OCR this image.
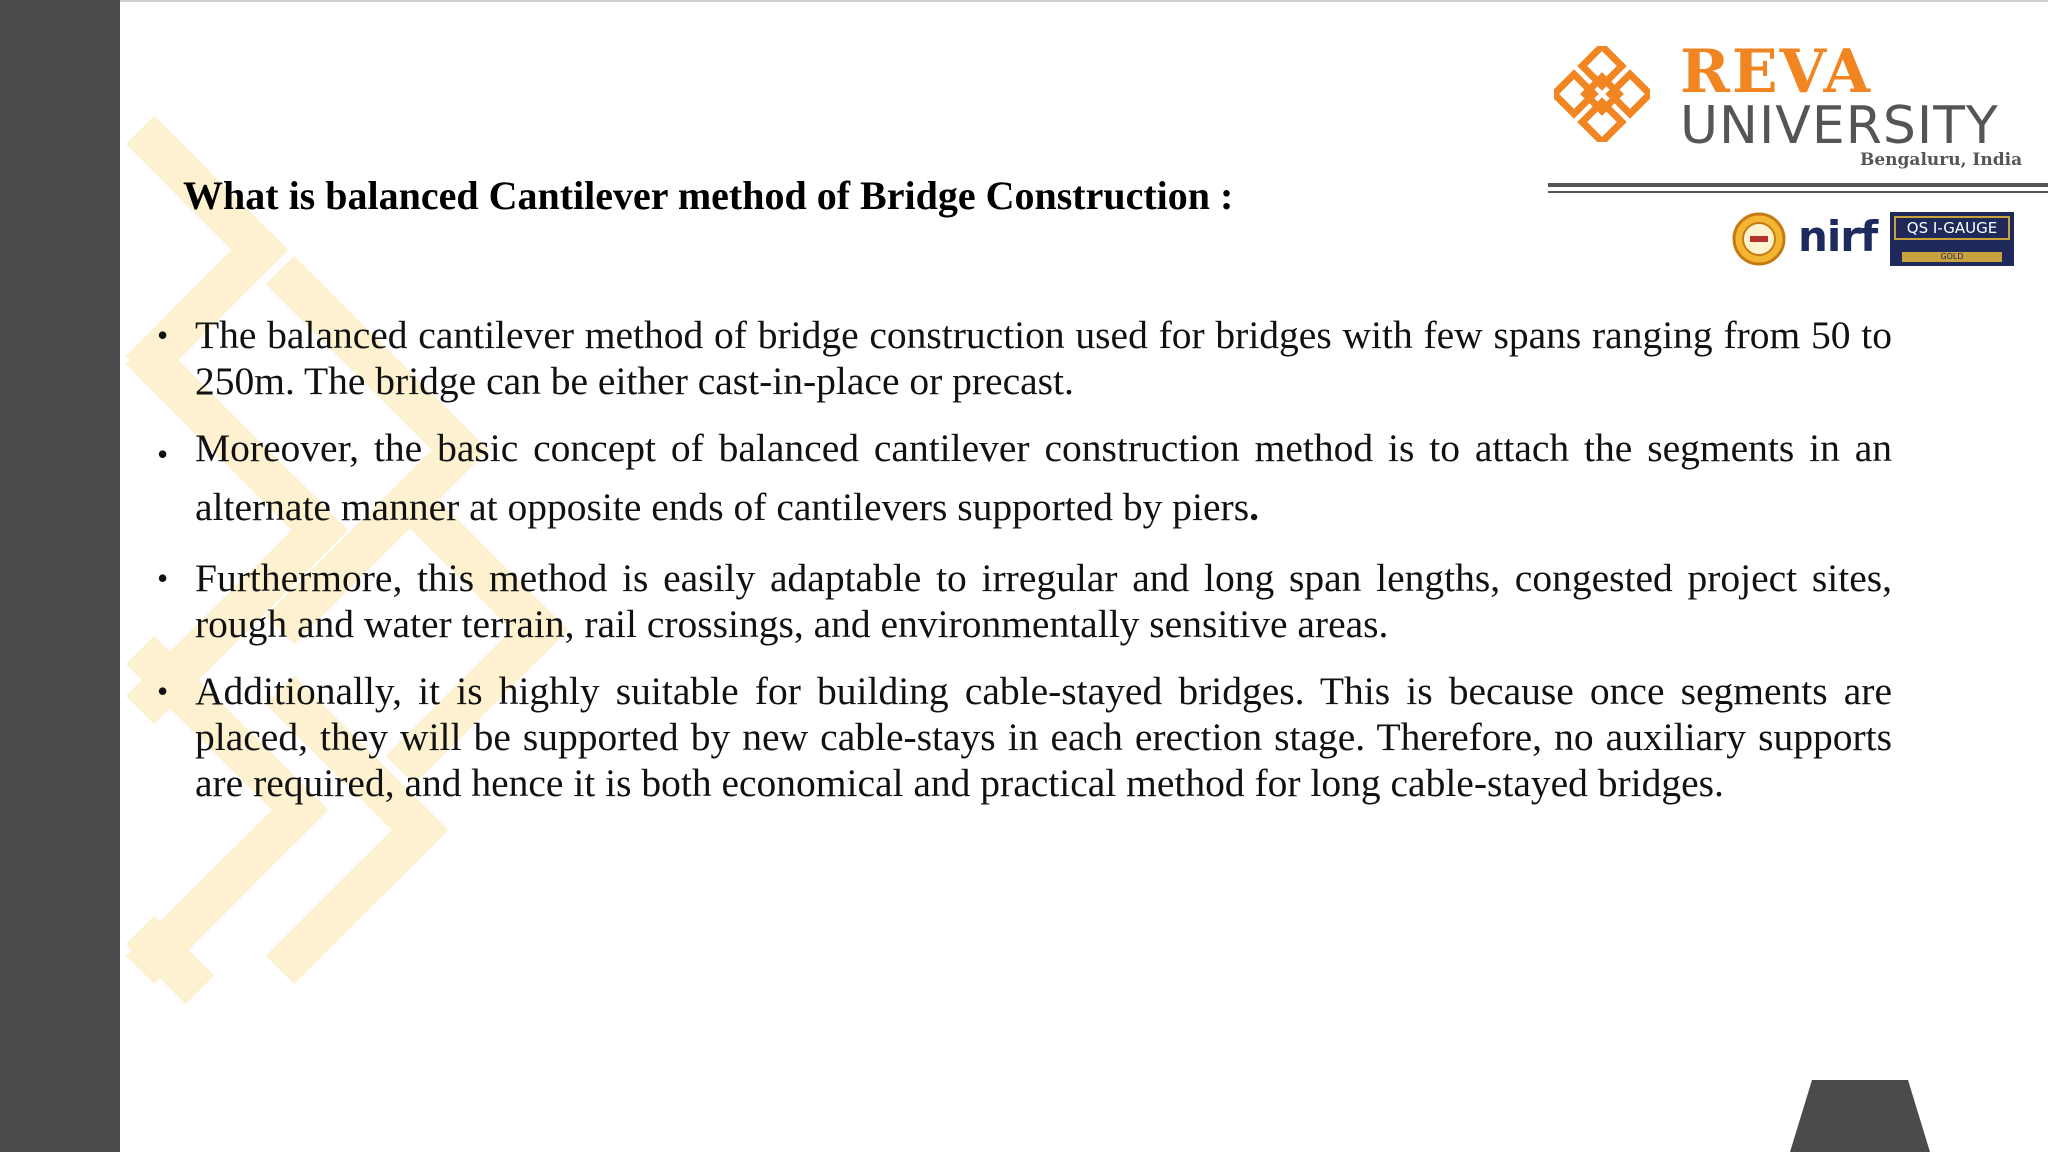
What is balanced Cantilever method of Bridge Construction :
• The balanced cantilever method of bridge construction used for bridges with few spans ranging from 50 to 250m. The bridge can be either cast-in-place or precast.
• Moreover, the basic concept of balanced cantilever construction method is to attach the segments in an alternate manner at opposite ends of cantilevers supported by piers.
• Furthermore, this method is easily adaptable to irregular and long span lengths, congested project sites, rough and water terrain, rail crossings, and environmentally sensitive areas.
• Additionally, it is highly suitable for building cable-stayed bridges. This is because once segments are placed, they will be supported by new cable-stays in each erection stage. Therefore, no auxiliary supports are required, and hence it is both economical and practical method for long cable-stayed bridges.
REVA
UNIVERSITY
Bengaluru, India
nirf	QS I-GAUGE
GOLD
